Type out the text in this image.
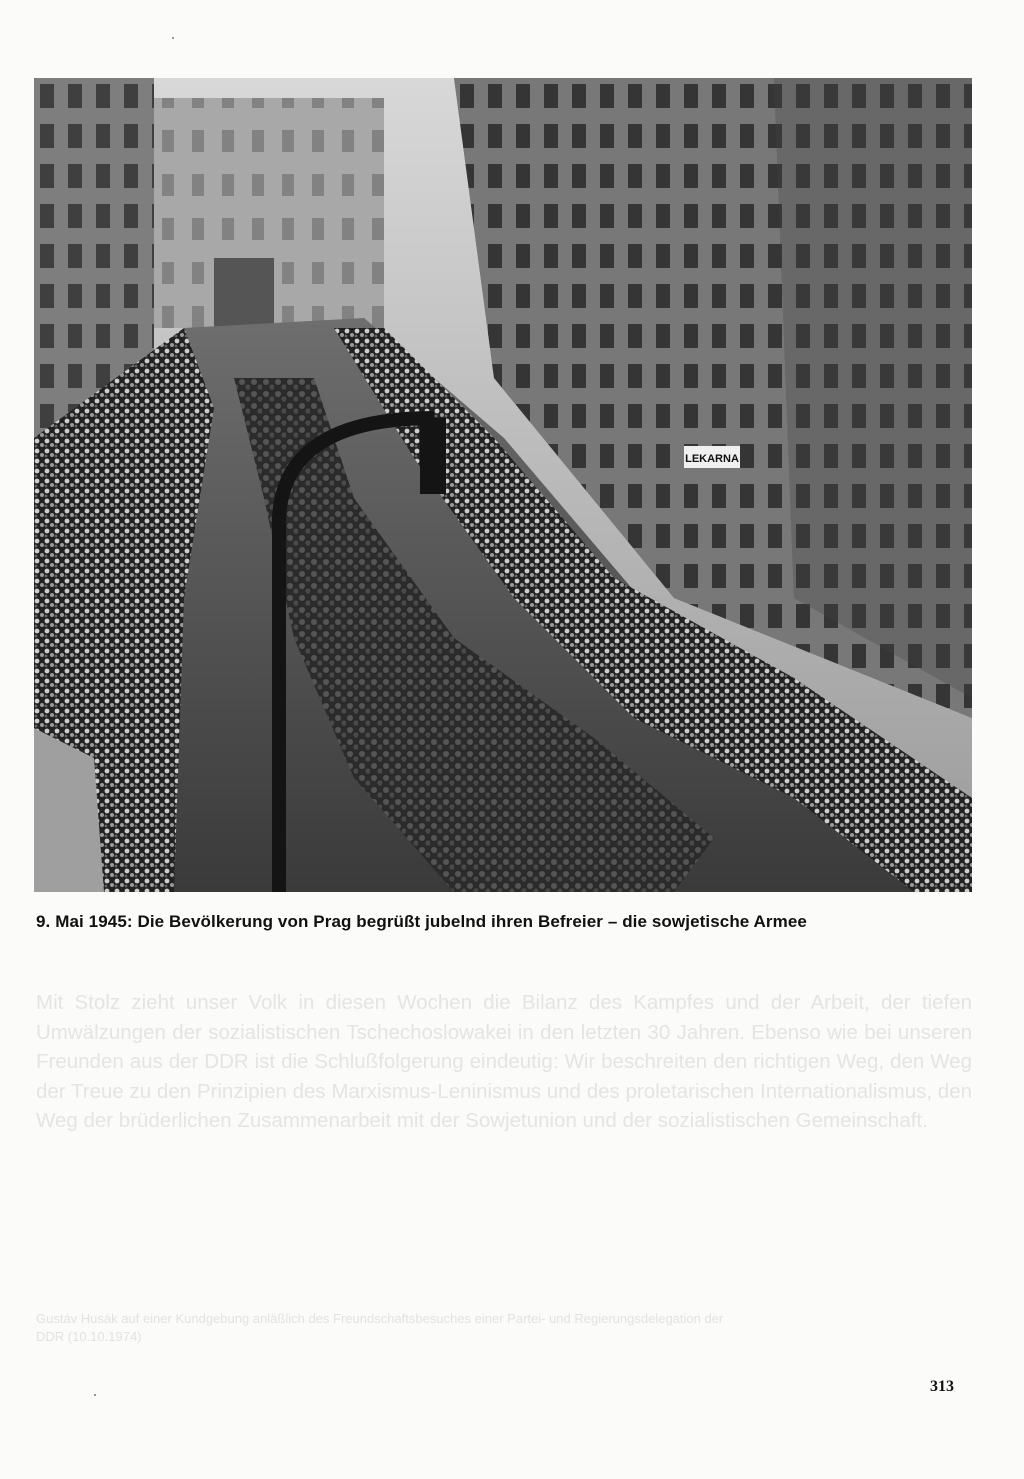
LEKARNA
9. Mai 1945: Die Bevölkerung von Prag begrüßt jubelnd ihren Befreier – die sowjetische Armee
Mit Stolz zieht unser Volk in diesen Wochen die Bilanz des Kampfes und der Arbeit, der tiefen Umwälzungen der sozialistischen Tschechoslowakei in den letzten 30 Jahren. Ebenso wie bei unseren Freunden aus der DDR ist die Schlußfolgerung eindeutig: Wir beschreiten den richtigen Weg, den Weg der Treue zu den Prinzipien des Marxismus-Leninismus und des proletarischen Internationalismus, den Weg der brüderlichen Zusammenarbeit mit der Sowjetunion und der sozialistischen Gemeinschaft.
Gustáv Husák auf einer Kundgebung anläßlich des Freundschaftsbesuches einer Partei- und Regierungsdelegation der DDR (10.10.1974)
313
